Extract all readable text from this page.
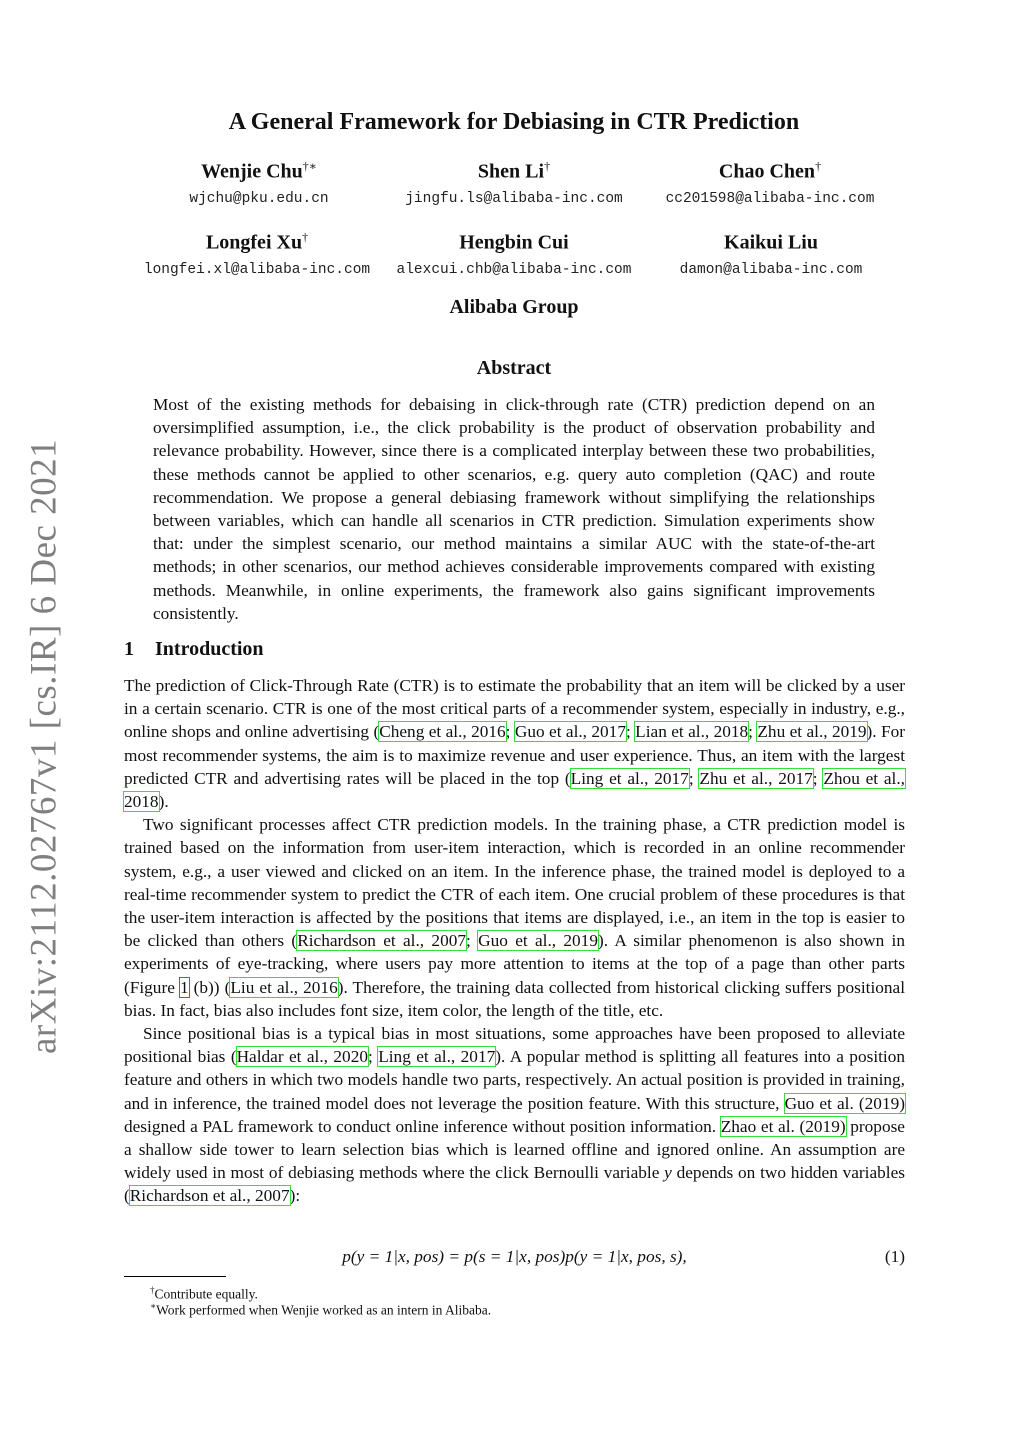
arXiv:2112.02767v1 [cs.IR] 6 Dec 2021
A General Framework for Debiasing in CTR Prediction
Wenjie Chu†∗
wjchu@pku.edu.cn
Shen Li†
jingfu.ls@alibaba-inc.com
Chao Chen†
cc201598@alibaba-inc.com
Longfei Xu†
longfei.xl@alibaba-inc.com
Hengbin Cui
alexcui.chb@alibaba-inc.com
Kaikui Liu
damon@alibaba-inc.com
Alibaba Group
Abstract
Most of the existing methods for debaising in click-through rate (CTR) prediction depend on an oversimplified assumption, i.e., the click probability is the product of observation probability and relevance probability. However, since there is a complicated interplay between these two probabilities, these methods cannot be applied to other scenarios, e.g. query auto completion (QAC) and route recommendation. We propose a general debiasing framework without simplifying the relationships between variables, which can handle all scenarios in CTR prediction. Simulation experiments show that: under the simplest scenario, our method maintains a similar AUC with the state-of-the-art methods; in other scenarios, our method achieves considerable improvements compared with existing methods. Meanwhile, in online experiments, the framework also gains significant improvements consistently.
1 Introduction

The prediction of Click-Through Rate (CTR) is to estimate the probability that an item will be clicked by a user in a certain scenario. CTR is one of the most critical parts of a recommender system, especially in industry, e.g., online shops and online advertising (Cheng et al., 2016; Guo et al., 2017; Lian et al., 2018; Zhu et al., 2019). For most recommender systems, the aim is to maximize revenue and user experience. Thus, an item with the largest predicted CTR and advertising rates will be placed in the top (Ling et al., 2017; Zhu et al., 2017; Zhou et al., 2018).

Two significant processes affect CTR prediction models. In the training phase, a CTR prediction model is trained based on the information from user-item interaction, which is recorded in an online recommender system, e.g., a user viewed and clicked on an item. In the inference phase, the trained model is deployed to a real-time recommender system to predict the CTR of each item. One crucial problem of these procedures is that the user-item interaction is affected by the positions that items are displayed, i.e., an item in the top is easier to be clicked than others (Richardson et al., 2007; Guo et al., 2019). A similar phenomenon is also shown in experiments of eye-tracking, where users pay more attention to items at the top of a page than other parts (Figure 1 (b)) (Liu et al., 2016). Therefore, the training data collected from historical clicking suffers positional bias. In fact, bias also includes font size, item color, the length of the title, etc.

Since positional bias is a typical bias in most situations, some approaches have been proposed to alleviate positional bias (Haldar et al., 2020; Ling et al., 2017). A popular method is splitting all features into a position feature and others in which two models handle two parts, respectively. An actual position is provided in training, and in inference, the trained model does not leverage the position feature. With this structure, Guo et al. (2019) designed a PAL framework to conduct online inference without position information. Zhao et al. (2019) propose a shallow side tower to learn selection bias which is learned offline and ignored online. An assumption are widely used in most of debiasing methods where the click Bernoulli variable y depends on two hidden variables (Richardson et al., 2007):

p(y = 1|x, pos) = p(s = 1|x, pos)p(y = 1|x, pos, s),	(1)
†Contribute equally.
∗Work performed when Wenjie worked as an intern in Alibaba.
